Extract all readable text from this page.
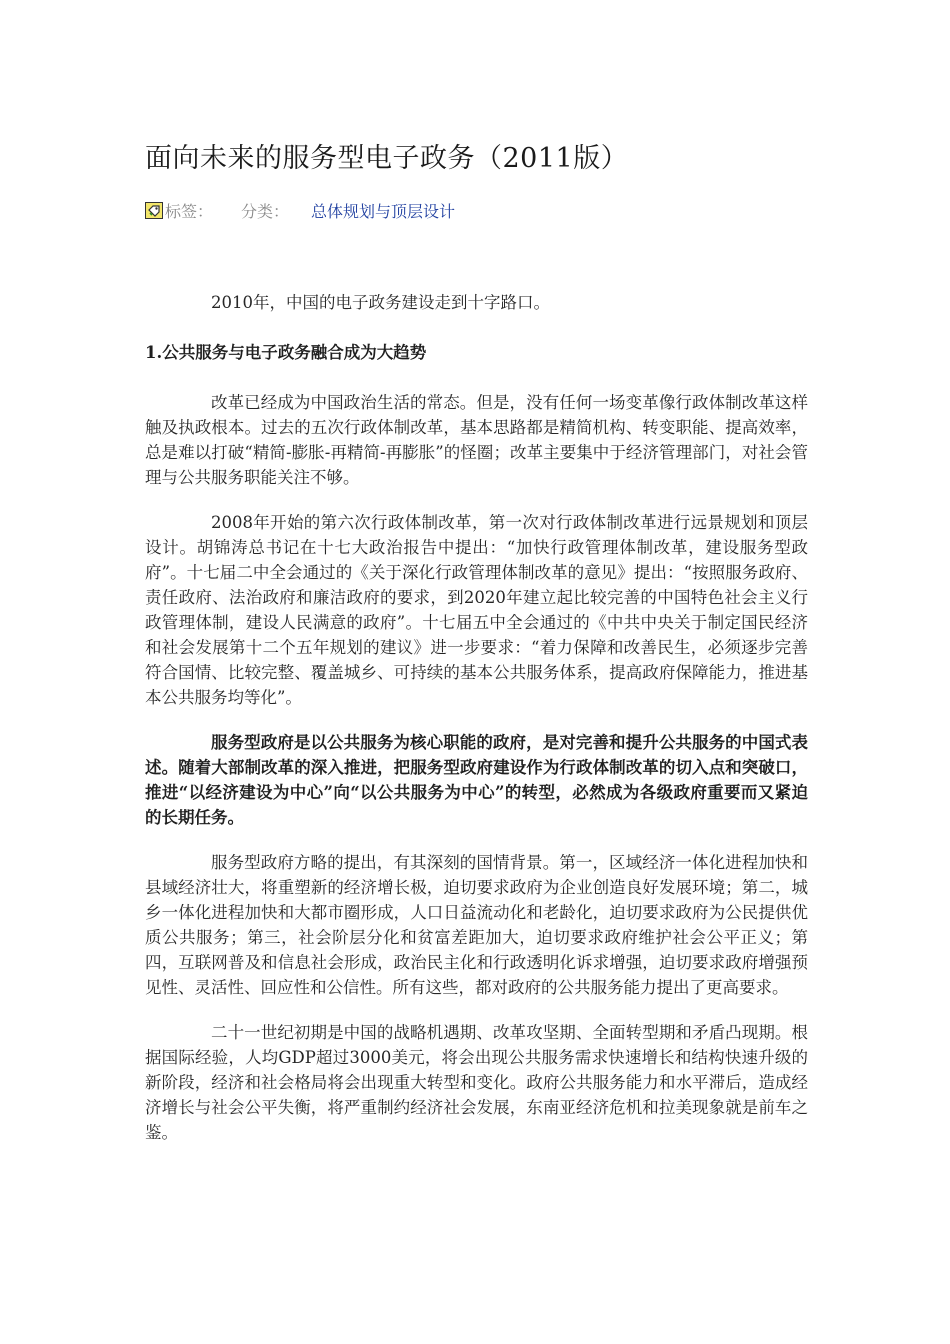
面向未来的服务型电子政务（2011版）
标签： 分类： 总体规划与顶层设计

2010年，中国的电子政务建设走到十字路口。

1.公共服务与电子政务融合成为大趋势

改革已经成为中国政治生活的常态。但是，没有任何一场变革像行政体制改革这样触及执政根本。过去的五次行政体制改革，基本思路都是精简机构、转变职能、提高效率，总是难以打破“精简-膨胀-再精简-再膨胀”的怪圈；改革主要集中于经济管理部门，对社会管理与公共服务职能关注不够。

2008年开始的第六次行政体制改革，第一次对行政体制改革进行远景规划和顶层设计。胡锦涛总书记在十七大政治报告中提出：“加快行政管理体制改革，建设服务型政府”。十七届二中全会通过的《关于深化行政管理体制改革的意见》提出：“按照服务政府、责任政府、法治政府和廉洁政府的要求，到2020年建立起比较完善的中国特色社会主义行政管理体制，建设人民满意的政府”。十七届五中全会通过的《中共中央关于制定国民经济和社会发展第十二个五年规划的建议》进一步要求：“着力保障和改善民生，必须逐步完善符合国情、比较完整、覆盖城乡、可持续的基本公共服务体系，提高政府保障能力，推进基本公共服务均等化”。

服务型政府是以公共服务为核心职能的政府，是对完善和提升公共服务的中国式表述。随着大部制改革的深入推进，把服务型政府建设作为行政体制改革的切入点和突破口，推进“以经济建设为中心”向“以公共服务为中心”的转型，必然成为各级政府重要而又紧迫的长期任务。

服务型政府方略的提出，有其深刻的国情背景。第一，区域经济一体化进程加快和县域经济壮大，将重塑新的经济增长极，迫切要求政府为企业创造良好发展环境；第二，城乡一体化进程加快和大都市圈形成，人口日益流动化和老龄化，迫切要求政府为公民提供优质公共服务；第三，社会阶层分化和贫富差距加大，迫切要求政府维护社会公平正义；第四，互联网普及和信息社会形成，政治民主化和行政透明化诉求增强，迫切要求政府增强预见性、灵活性、回应性和公信性。所有这些，都对政府的公共服务能力提出了更高要求。

二十一世纪初期是中国的战略机遇期、改革攻坚期、全面转型期和矛盾凸现期。根据国际经验，人均GDP超过3000美元，将会出现公共服务需求快速增长和结构快速升级的新阶段，经济和社会格局将会出现重大转型和变化。政府公共服务能力和水平滞后，造成经济增长与社会公平失衡，将严重制约经济社会发展，东南亚经济危机和拉美现象就是前车之鉴。
